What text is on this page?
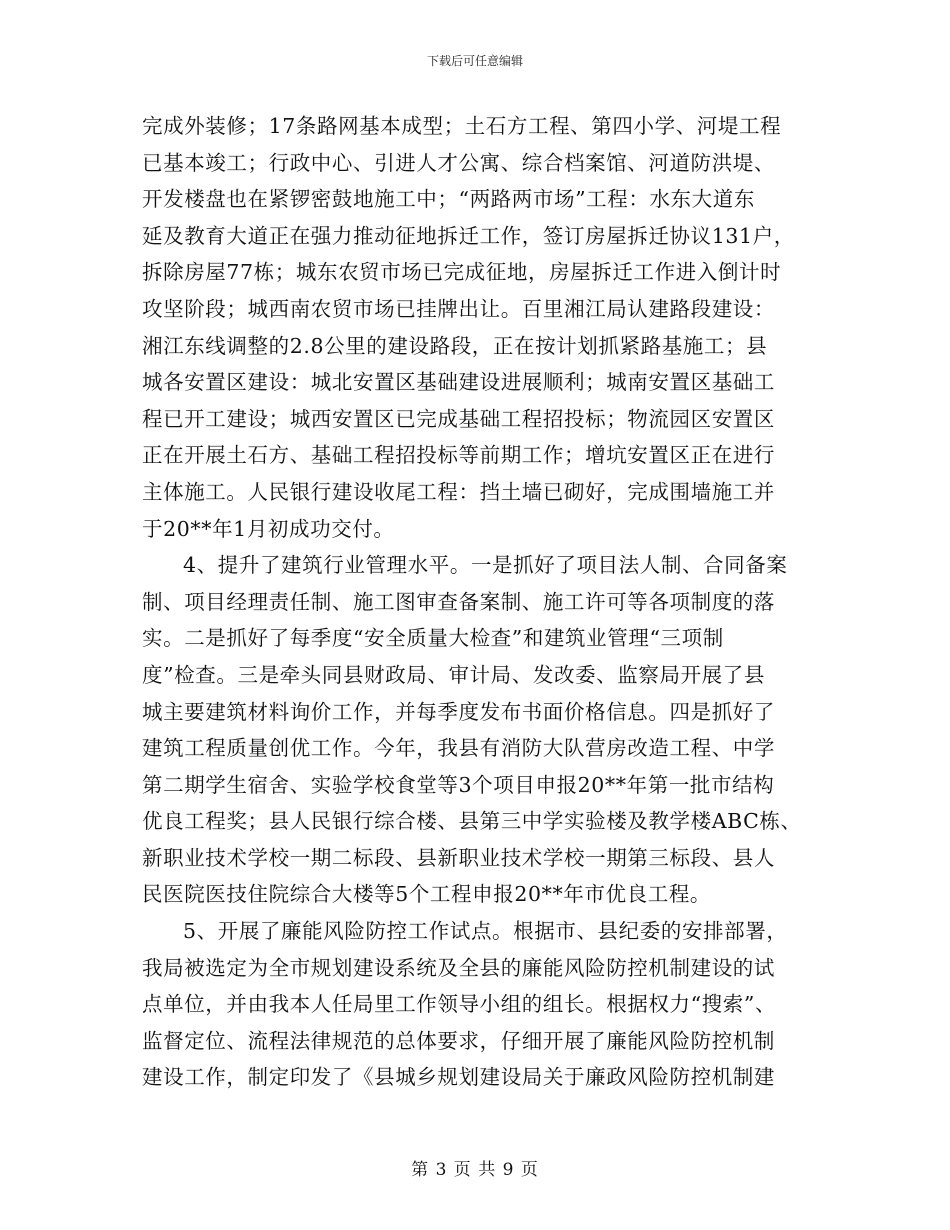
下载后可任意编辑
完成外装修；17条路网基本成型；土石方工程、第四小学、河堤工程
已基本竣工；行政中心、引进人才公寓、综合档案馆、河道防洪堤、
开发楼盘也在紧锣密鼓地施工中；“两路两市场”工程：水东大道东
延及教育大道正在强力推动征地拆迁工作，签订房屋拆迁协议131户，
拆除房屋77栋；城东农贸市场已完成征地，房屋拆迁工作进入倒计时
攻坚阶段；城西南农贸市场已挂牌出让。百里湘江局认建路段建设：
湘江东线调整的2.8公里的建设路段，正在按计划抓紧路基施工；县
城各安置区建设：城北安置区基础建设进展顺利；城南安置区基础工
程已开工建设；城西安置区已完成基础工程招投标；物流园区安置区
正在开展土石方、基础工程招投标等前期工作；增坑安置区正在进行
主体施工。人民银行建设收尾工程：挡土墙已砌好，完成围墙施工并
于20**年1月初成功交付。
4、提升了建筑行业管理水平。一是抓好了项目法人制、合同备案
制、项目经理责任制、施工图审查备案制、施工许可等各项制度的落
实。二是抓好了每季度“安全质量大检查”和建筑业管理“三项制
度”检查。三是牵头同县财政局、审计局、发改委、监察局开展了县
城主要建筑材料询价工作，并每季度发布书面价格信息。四是抓好了
建筑工程质量创优工作。今年，我县有消防大队营房改造工程、中学
第二期学生宿舍、实验学校食堂等3个项目申报20**年第一批市结构
优良工程奖；县人民银行综合楼、县第三中学实验楼及教学楼ABC栋、
新职业技术学校一期二标段、县新职业技术学校一期第三标段、县人
民医院医技住院综合大楼等5个工程申报20**年市优良工程。
5、开展了廉能风险防控工作试点。根据市、县纪委的安排部署，
我局被选定为全市规划建设系统及全县的廉能风险防控机制建设的试
点单位，并由我本人任局里工作领导小组的组长。根据权力“搜索”、
监督定位、流程法律规范的总体要求，仔细开展了廉能风险防控机制
建设工作，制定印发了《县城乡规划建设局关于廉政风险防控机制建
第 3 页 共 9 页
